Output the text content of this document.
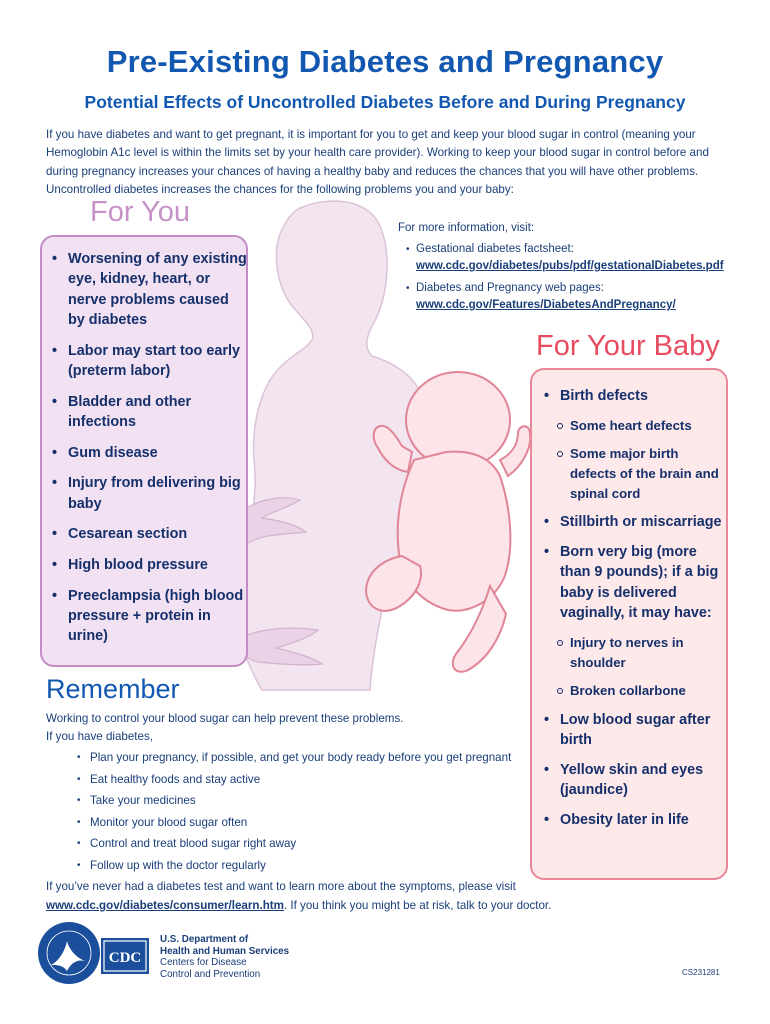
Pre-Existing Diabetes and Pregnancy
Potential Effects of Uncontrolled Diabetes Before and During Pregnancy
If you have diabetes and want to get pregnant, it is important for you to get and keep your blood sugar in control (meaning your Hemoglobin A1c level is within the limits set by your health care provider). Working to keep your blood sugar in control before and during pregnancy increases your chances of having a healthy baby and reduces the chances that you will have other problems. Uncontrolled diabetes increases the chances for the following problems you and your baby:
For You
• Worsening of any existing eye, kidney, heart, or nerve problems caused by diabetes
• Labor may start too early (preterm labor)
• Bladder and other infections
• Gum disease
• Injury from delivering big baby
• Cesarean section
• High blood pressure
• Preeclampsia (high blood pressure + protein in urine)
For more information, visit:
• Gestational diabetes factsheet:
www.cdc.gov/diabetes/pubs/pdf/gestationalDiabetes.pdf
• Diabetes and Pregnancy web pages:
www.cdc.gov/Features/DiabetesAndPregnancy/
For Your Baby
• Birth defects
Some heart defects
Some major birth defects of the brain and spinal cord
• Stillbirth or miscarriage
• Born very big (more than 9 pounds); if a big baby is delivered vaginally, it may have:
Injury to nerves in shoulder
Broken collarbone
• Low blood sugar after birth
• Yellow skin and eyes (jaundice)
• Obesity later in life
Remember
Working to control your blood sugar can help prevent these problems.
If you have diabetes,
• Plan your pregnancy, if possible, and get your body ready before you get pregnant
• Eat healthy foods and stay active
• Take your medicines
• Monitor your blood sugar often
• Control and treat blood sugar right away
• Follow up with the doctor regularly
If you’ve never had a diabetes test and want to learn more about the symptoms, please visit www.cdc.gov/diabetes/consumer/learn.htm. If you think you might be at risk, talk to your doctor.
CDC
U.S. Department of
Health and Human Services
Centers for Disease
Control and Prevention	CS231281
